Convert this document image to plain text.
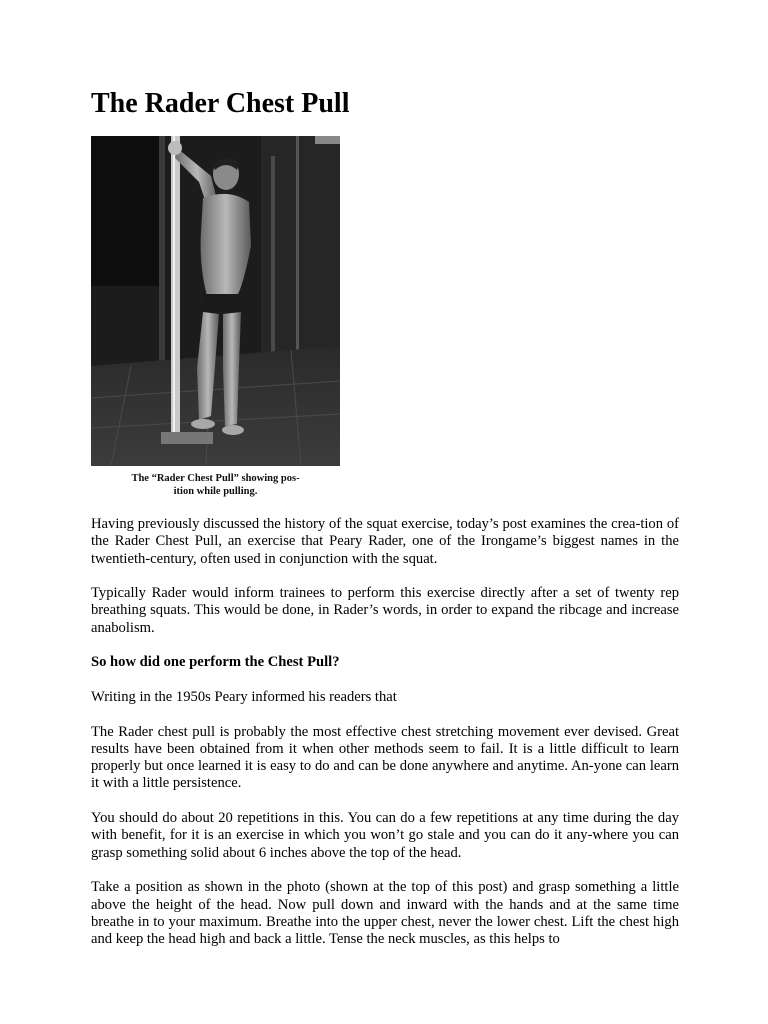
The Rader Chest Pull
The “Rader Chest Pull” showing pos-
ition while pulling.

Having previously discussed the history of the squat exercise, today’s post examines the crea-tion of the Rader Chest Pull, an exercise that Peary Rader, one of the Irongame’s biggest names in the twentieth-century, often used in conjunction with the squat.

Typically Rader would inform trainees to perform this exercise directly after a set of twenty rep breathing squats. This would be done, in Rader’s words, in order to expand the ribcage and increase anabolism.

So how did one perform the Chest Pull?

Writing in the 1950s Peary informed his readers that

The Rader chest pull is probably the most effective chest stretching movement ever devised. Great results have been obtained from it when other methods seem to fail. It is a little difficult to learn properly but once learned it is easy to do and can be done anywhere and anytime. An-yone can learn it with a little persistence.

You should do about 20 repetitions in this. You can do a few repetitions at any time during the day with benefit, for it is an exercise in which you won’t go stale and you can do it any-where you can grasp something solid about 6 inches above the top of the head.

Take a position as shown in the photo (shown at the top of this post) and grasp something a little above the height of the head. Now pull down and inward with the hands and at the same time breathe in to your maximum. Breathe into the upper chest, never the lower chest. Lift the chest high and keep the head high and back a little. Tense the neck muscles, as this helps to
